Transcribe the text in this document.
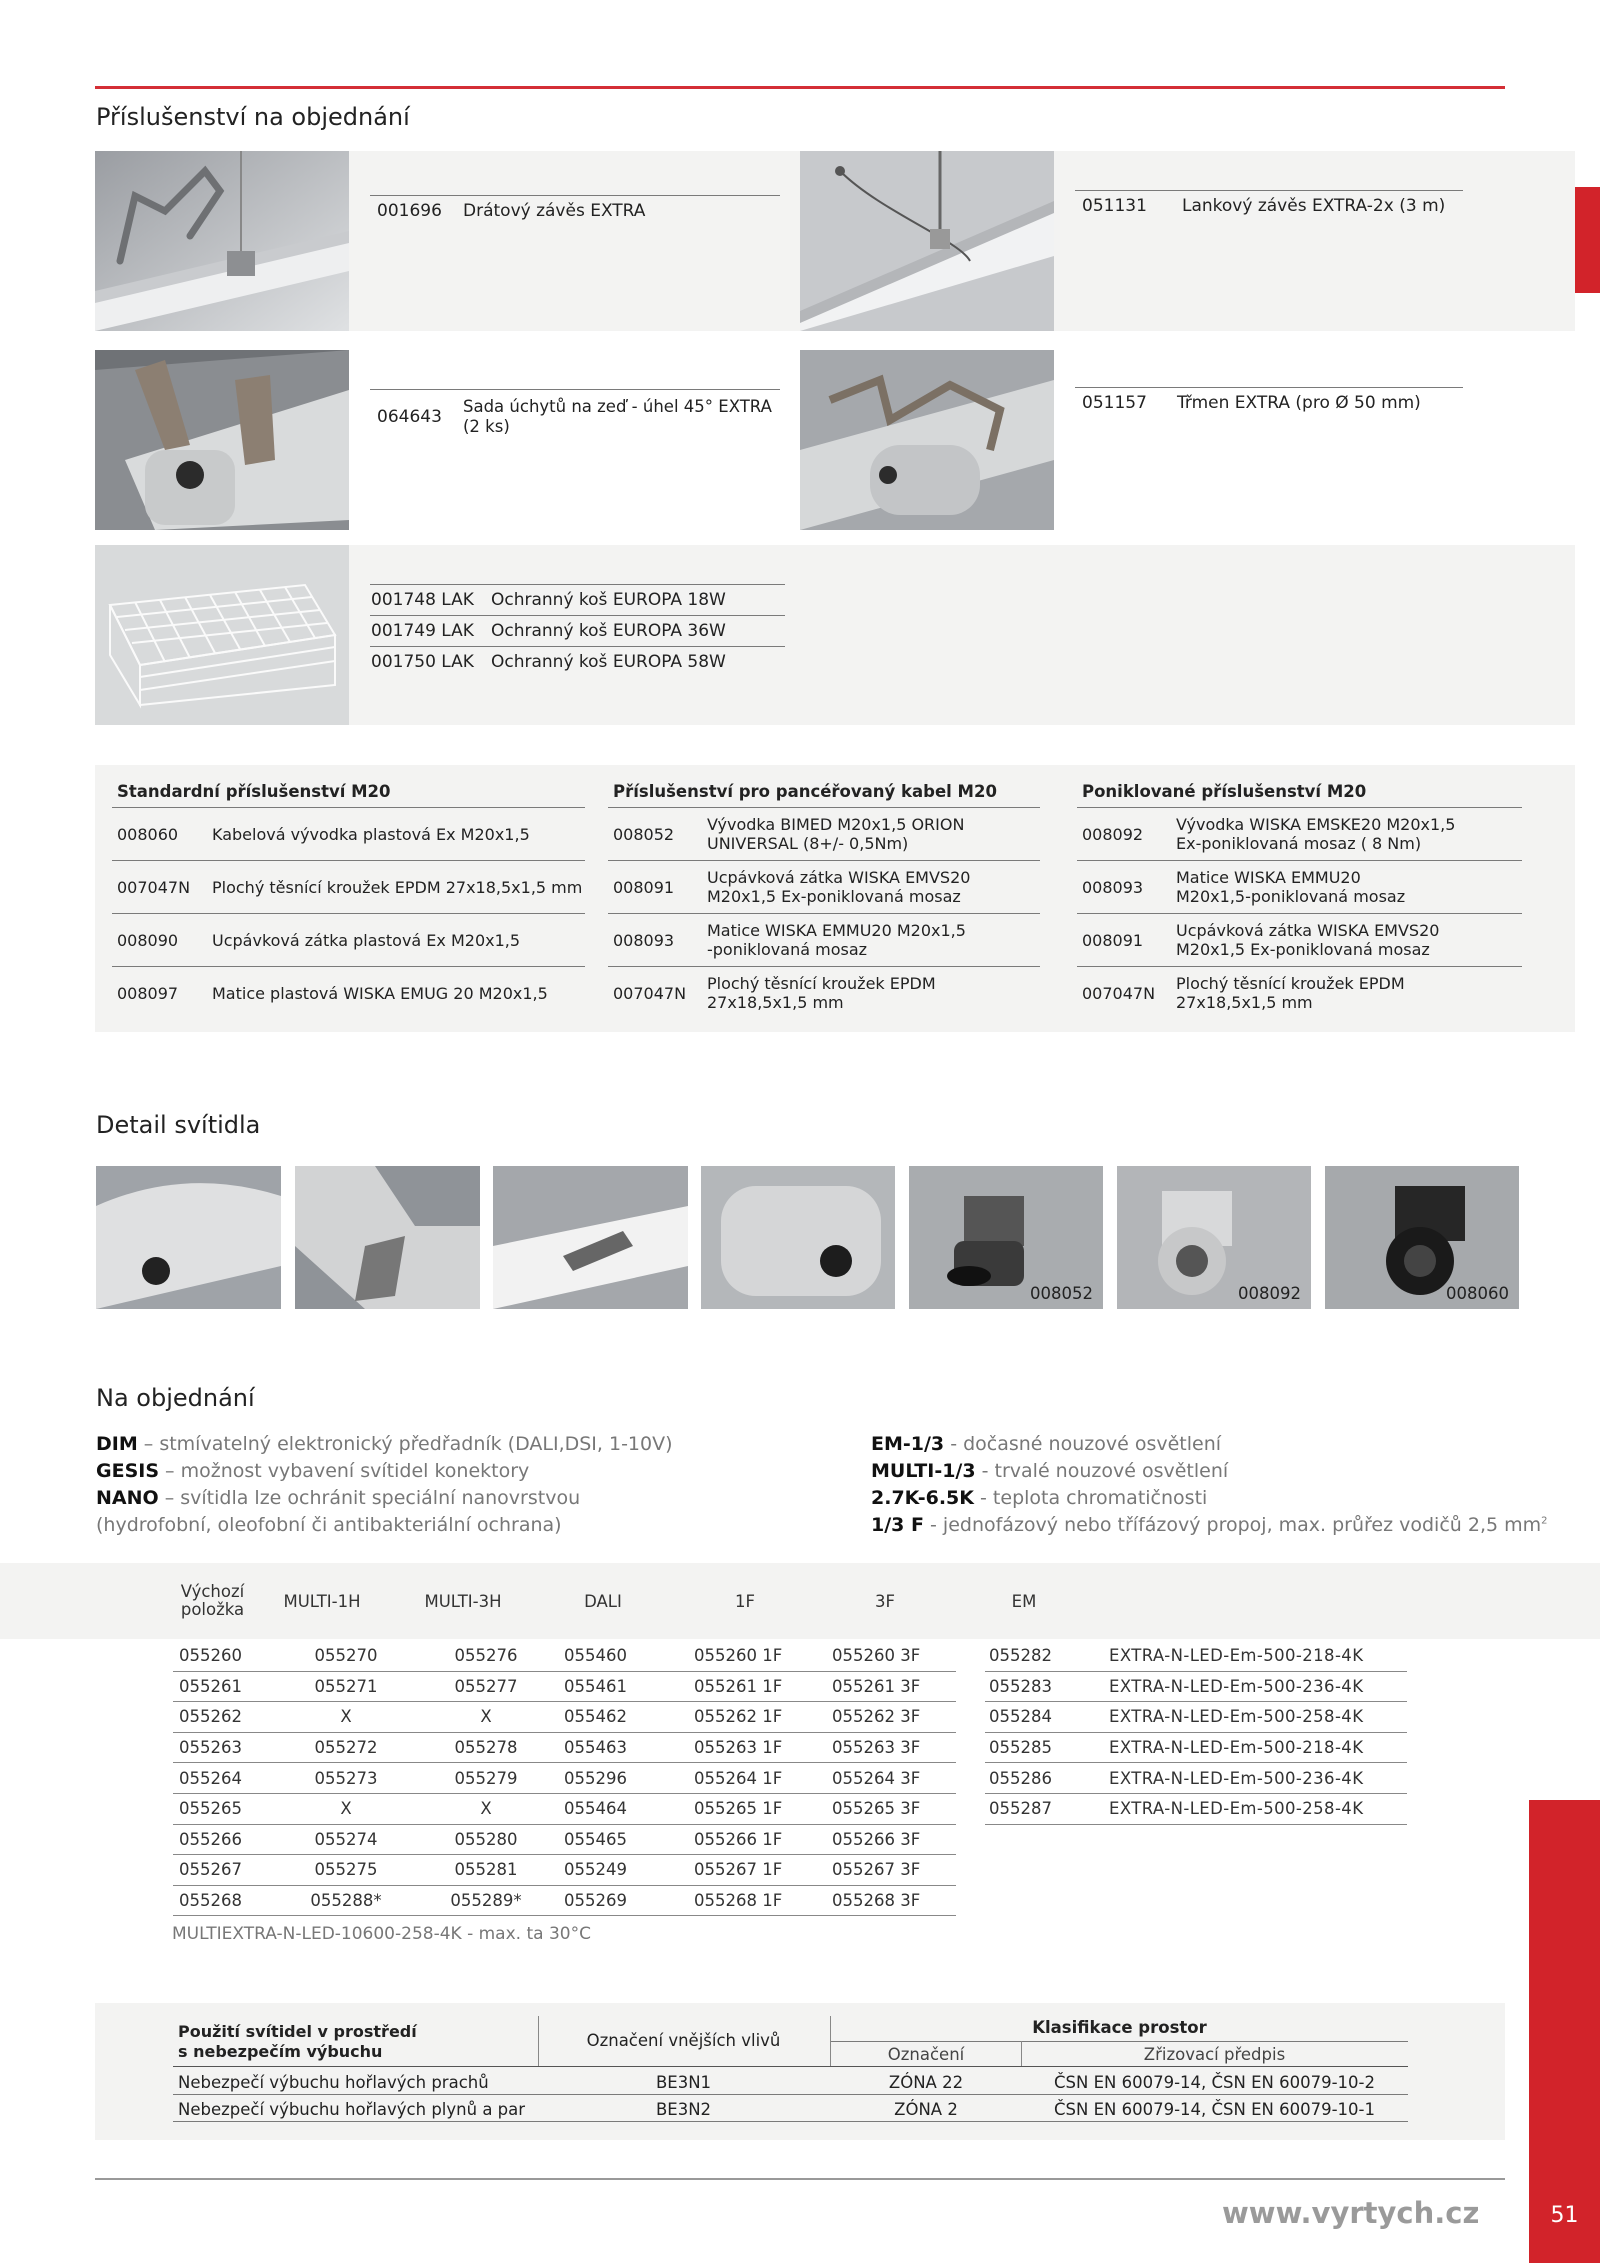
Příslušenství na objednání
001696 Drátový závěs EXTRA	051131 Lankový závěs EXTRA-2x (3 m)
064643
Sada úchytů na zeď - úhel 45° EXTRA
(2 ks)
051157 Třmen EXTRA (pro Ø 50 mm)
001748 LAK Ochranný koš EUROPA 18W
001749 LAK Ochranný koš EUROPA 36W
001750 LAK Ochranný koš EUROPA 58W
Standardní příslušenství M20
008060 Kabelová vývodka plastová Ex M20x1,5
007047N Plochý těsnící kroužek EPDM 27x18,5x1,5 mm
008090 Ucpávková zátka plastová Ex M20x1,5
008097 Matice plastová WISKA EMUG 20 M20x1,5
Příslušenství pro pancéřovaný kabel M20
008052
Vývodka BIMED M20x1,5 ORION
UNIVERSAL (8+/- 0,5Nm)
008091
Ucpávková zátka WISKA EMVS20
M20x1,5 Ex-poniklovaná mosaz
008093
Matice WISKA EMMU20 M20x1,5
-poniklovaná mosaz
007047N
Plochý těsnící kroužek EPDM
27x18,5x1,5 mm
Poniklované příslušenství M20
008092
Vývodka WISKA EMSKE20 M20x1,5
Ex-poniklovaná mosaz ( 8 Nm)
008093
Matice WISKA EMMU20
M20x1,5-poniklovaná mosaz
008091
Ucpávková zátka WISKA EMVS20
M20x1,5 Ex-poniklovaná mosaz
007047N
Plochý těsnící kroužek EPDM
27x18,5x1,5 mm
Detail svítidla
008052	008092	008060
Na objednání
DIM – stmívatelný elektronický předřadník (DALI,DSI, 1-10V)
GESIS – možnost vybavení svítidel konektory
NANO – svítidla lze ochránit speciální nanovrstvou
(hydrofobní, oleofobní či antibakteriální ochrana)
EM-1/3 - dočasné nouzové osvětlení
MULTI-1/3 - trvalé nouzové osvětlení
2.7K-6.5K - teplota chromatičnosti
1/3 F - jednofázový nebo třífázový propoj, max. průřez vodičů 2,5 $mm^2$
Výchozí
položka	MULTI-1H	MULTI-3H	DALI	1F	3F	EM
055260	055270	055276	055460	055260 1F	055260 3F
055261	055271	055277	055461	055261 1F	055261 3F
055262	X	X	055462	055262 1F	055262 3F
055263	055272	055278	055463	055263 1F	055263 3F
055264	055273	055279	055296	055264 1F	055264 3F
055265	X	X	055464	055265 1F	055265 3F
055266	055274	055280	055465	055266 1F	055266 3F
055267	055275	055281	055249	055267 1F	055267 3F
055268	055288*	055289*	055269	055268 1F	055268 3F
055282	EXTRA-N-LED-Em-500-218-4K
055283	EXTRA-N-LED-Em-500-236-4K
055284	EXTRA-N-LED-Em-500-258-4K
055285	EXTRA-N-LED-Em-500-218-4K
055286	EXTRA-N-LED-Em-500-236-4K
055287	EXTRA-N-LED-Em-500-258-4K
MULTIEXTRA-N-LED-10600-258-4K - max. ta 30°C
Použití svítidel v prostředí
s nebezpečím výbuchu
Označení vnějších vlivů
Klasifikace prostor
Označení	Zřizovací předpis
Nebezpečí výbuchu hořlavých prachů	BE3N1	ZÓNA 22	ČSN EN 60079-14, ČSN EN 60079-10-2
Nebezpečí výbuchu hořlavých plynů a par	BE3N2	ZÓNA 2	ČSN EN 60079-14, ČSN EN 60079-10-1
www.vyrtych.cz	51
